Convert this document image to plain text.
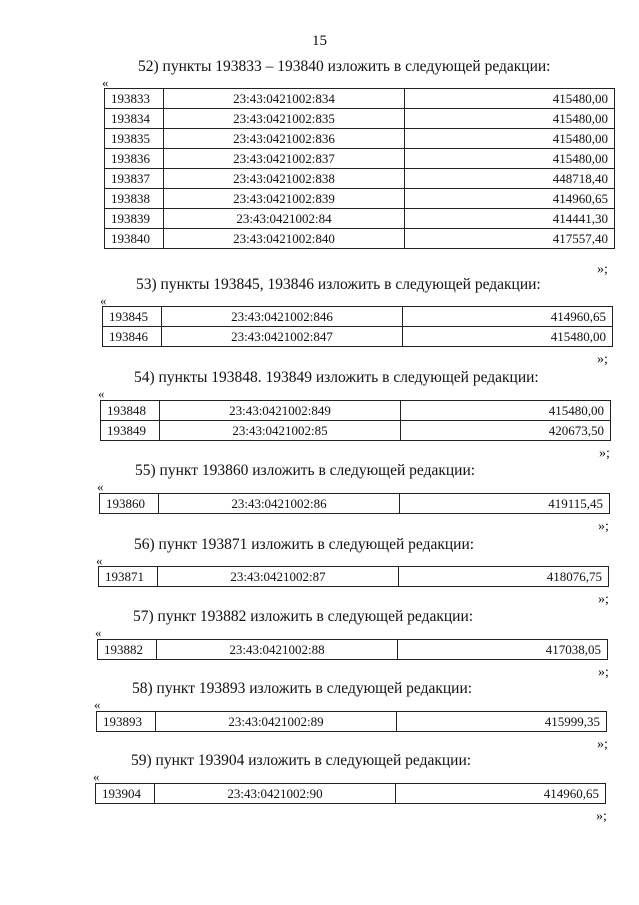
15
52) пункты 193833 – 193840 изложить в следующей редакции:
«
193833	23:43:0421002:834	415480,00
193834	23:43:0421002:835	415480,00
193835	23:43:0421002:836	415480,00
193836	23:43:0421002:837	415480,00
193837	23:43:0421002:838	448718,40
193838	23:43:0421002:839	414960,65
193839	23:43:0421002:84	414441,30
193840	23:43:0421002:840	417557,40
»;
53) пункты 193845, 193846 изложить в следующей редакции:
«
193845	23:43:0421002:846	414960,65
193846	23:43:0421002:847	415480,00
»;
54) пункты 193848. 193849 изложить в следующей редакции:
«
193848	23:43:0421002:849	415480,00
193849	23:43:0421002:85	420673,50
»;
55) пункт 193860 изложить в следующей редакции:
«
193860	23:43:0421002:86	419115,45
»;
56) пункт 193871 изложить в следующей редакции:
«
193871	23:43:0421002:87	418076,75
»;
57) пункт 193882 изложить в следующей редакции:
«
193882	23:43:0421002:88	417038,05
»;
58) пункт 193893 изложить в следующей редакции:
«
193893	23:43:0421002:89	415999,35
»;
59) пункт 193904 изложить в следующей редакции:
«
193904	23:43:0421002:90	414960,65
»;
